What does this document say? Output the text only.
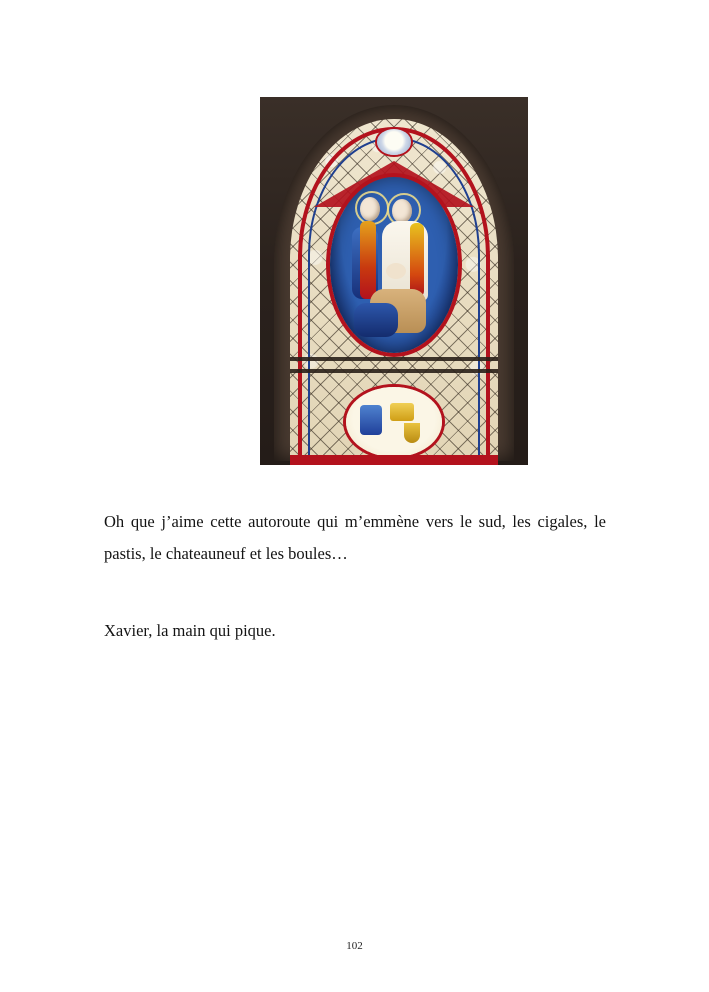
Oh que j’aime cette autoroute qui m’emmène vers le sud, les cigales, le pastis, le chateauneuf et les boules…

Xavier, la main qui pique.

102
